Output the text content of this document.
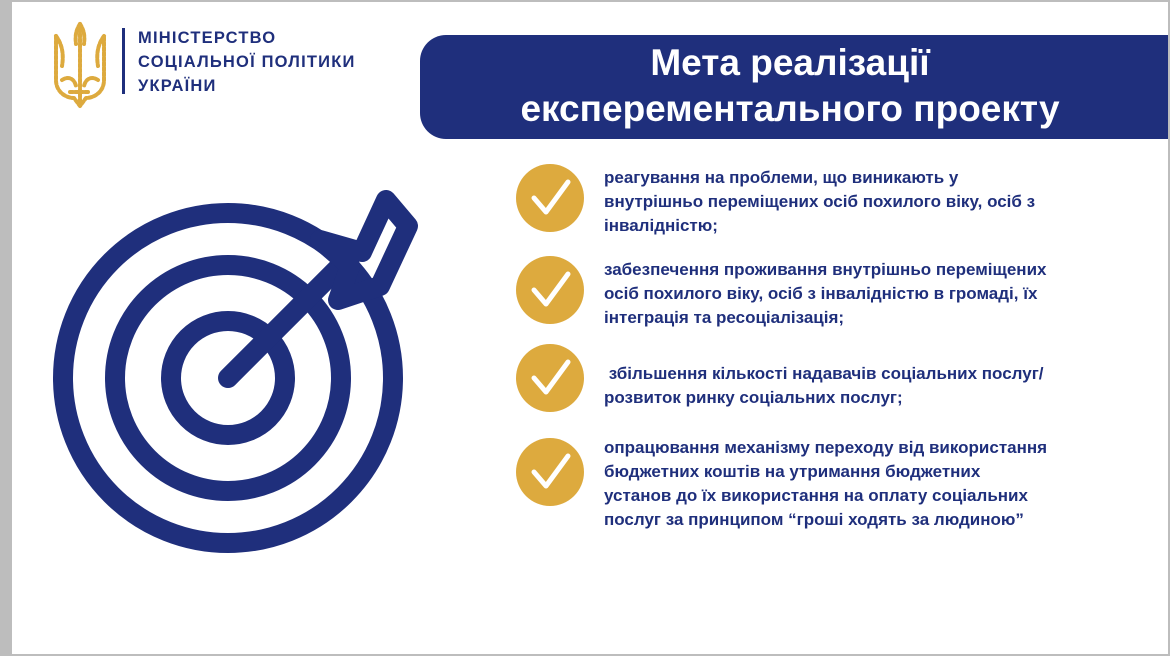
МІНІСТЕРСТВО
СОЦІАЛЬНОЇ ПОЛІТИКИ
УКРАЇНИ
Мета реалізації
експерементального проекту
реагування на проблеми, що виникають у
внутрішньо переміщених осіб похилого віку, осіб з
інвалідністю;
забезпечення проживання внутрішньо переміщених
осіб похилого віку, осіб з інвалідністю в громаді, їх
інтеграція та ресоціалізація;
збільшення кількості надавачів соціальних послуг/
розвиток ринку соціальних послуг;
опрацювання механізму переходу від використання
бюджетних коштів на утримання бюджетних
установ до їх використання на оплату соціальних
послуг за принципом “гроші ходять за людиною”
